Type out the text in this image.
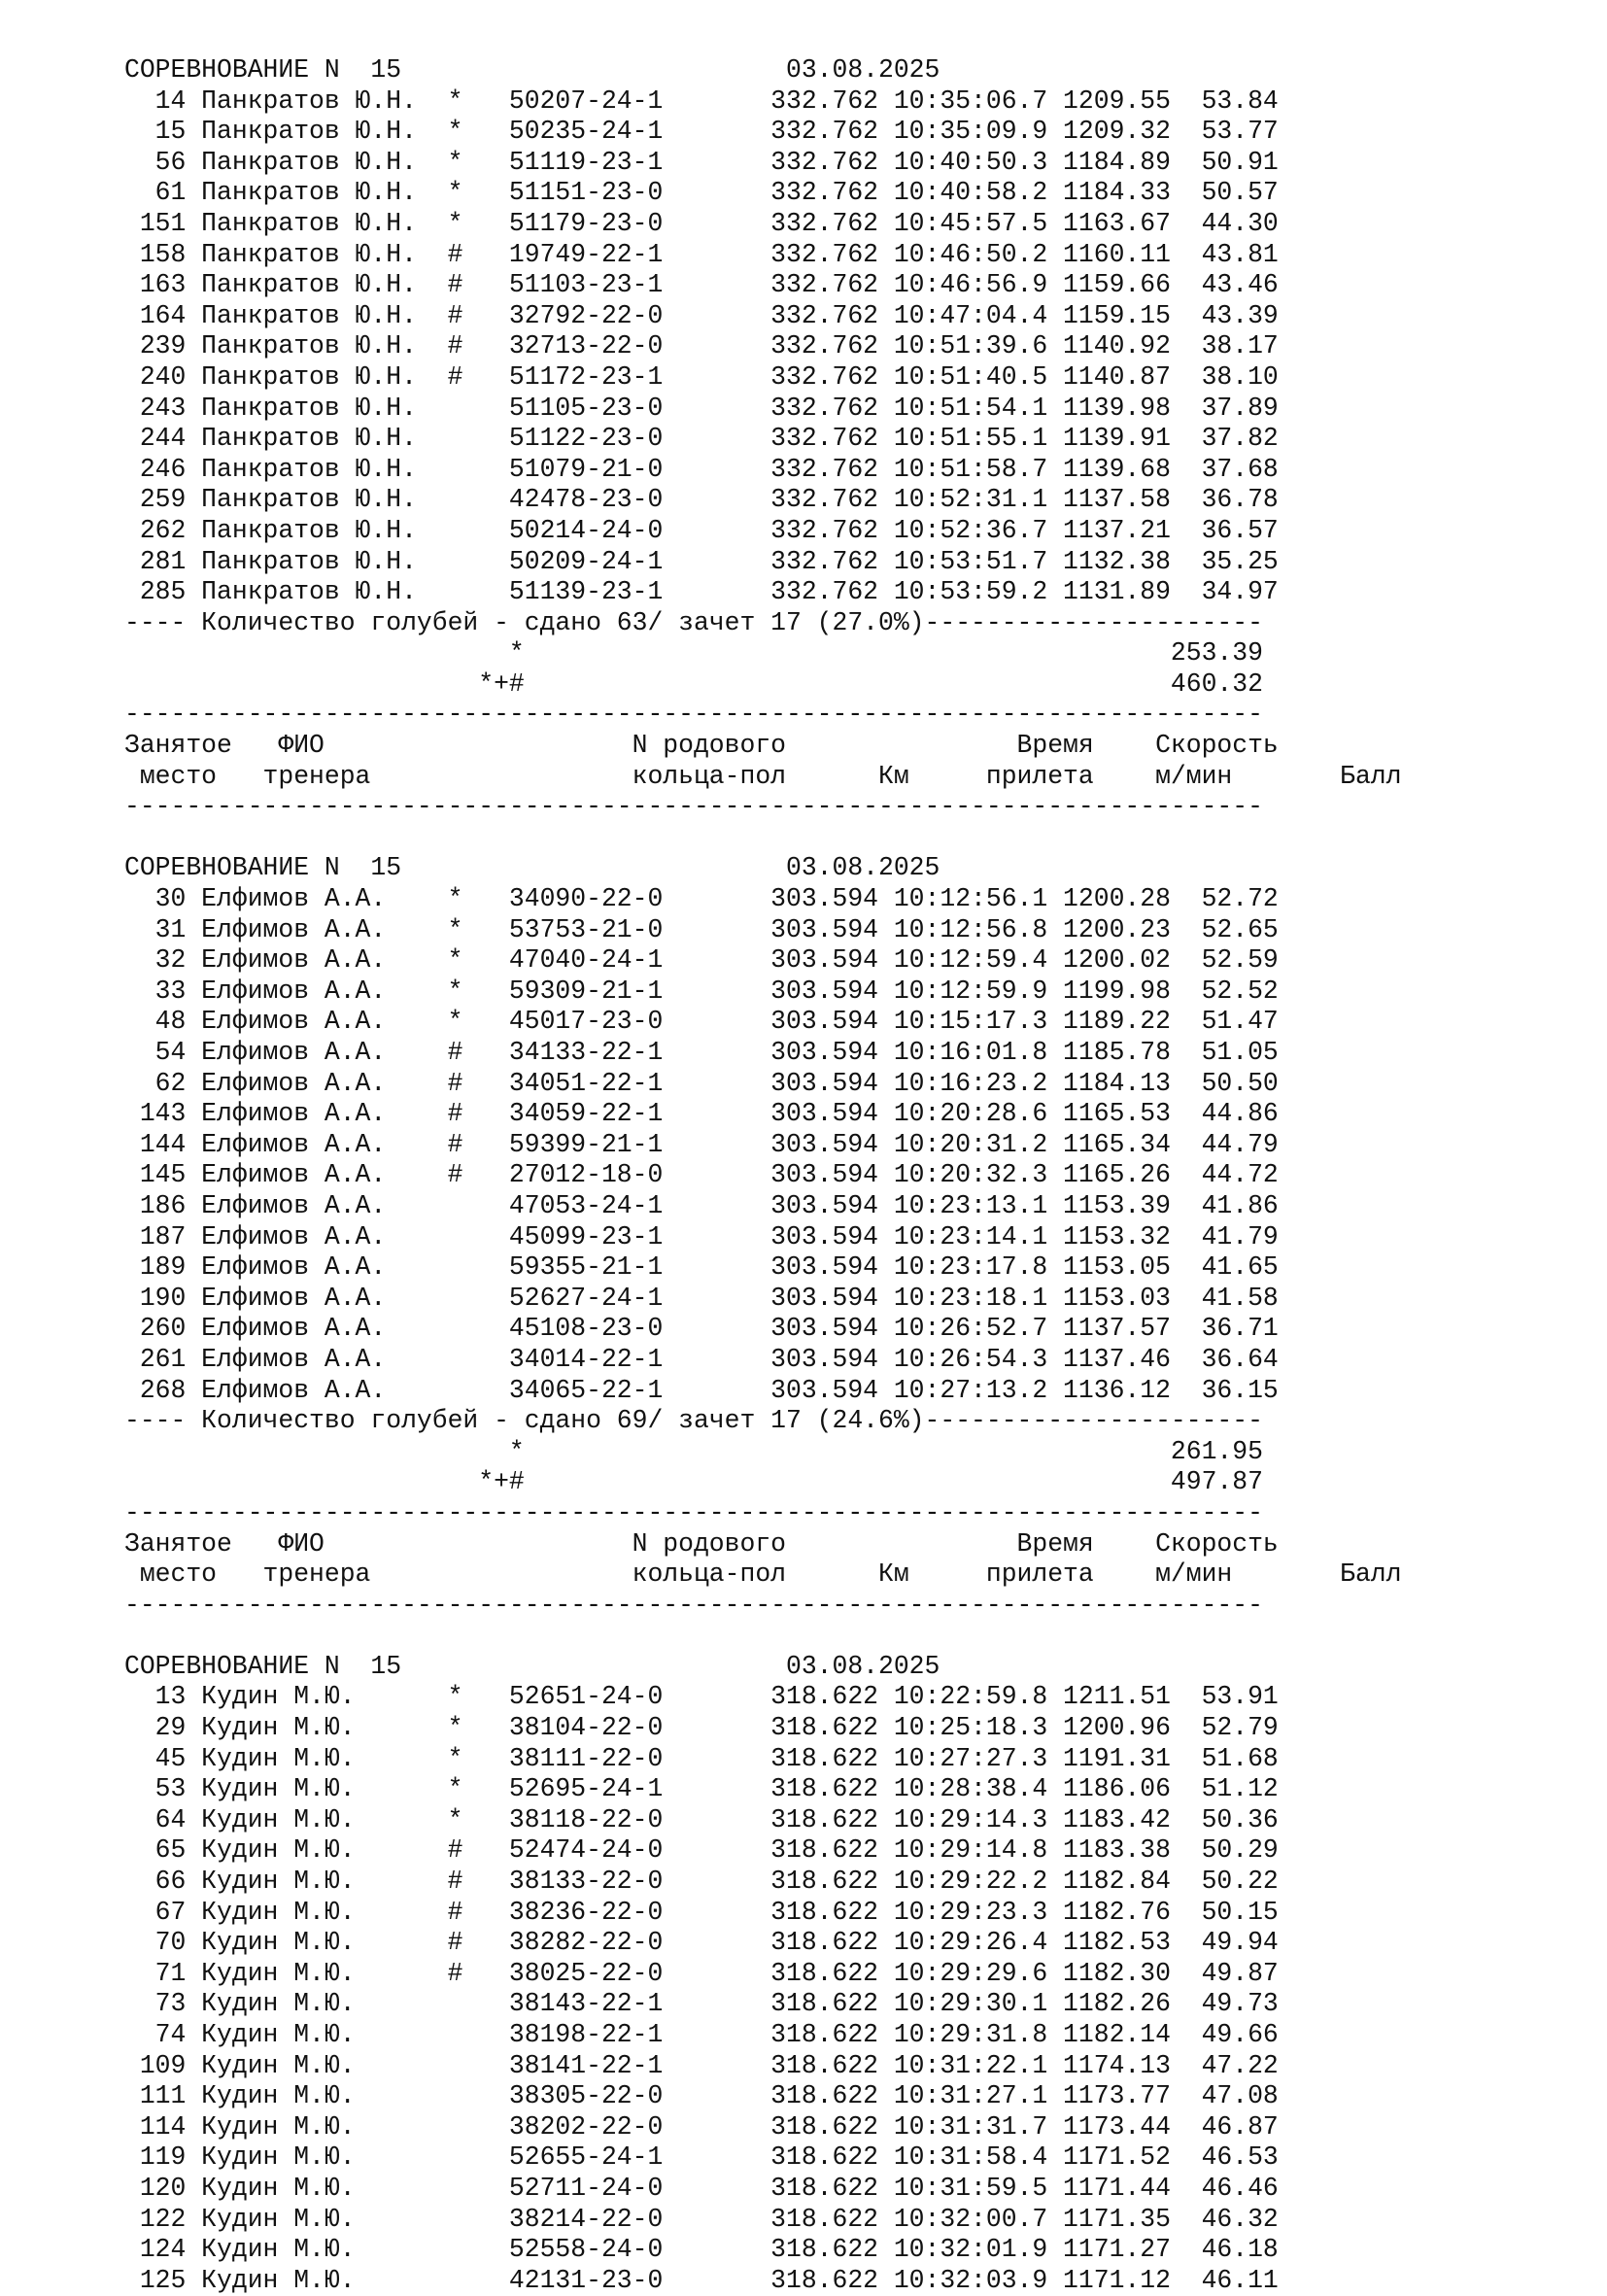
СОРЕВНОВАНИЕ N  15                         03.08.2025
14 Панкратов Ю.Н.  *   50207-24-1       332.762 10:35:06.7 1209.55  53.84
15 Панкратов Ю.Н.  *   50235-24-1       332.762 10:35:09.9 1209.32  53.77
56 Панкратов Ю.Н.  *   51119-23-1       332.762 10:40:50.3 1184.89  50.91
61 Панкратов Ю.Н.  *   51151-23-0       332.762 10:40:58.2 1184.33  50.57
151 Панкратов Ю.Н.  *   51179-23-0       332.762 10:45:57.5 1163.67  44.30
158 Панкратов Ю.Н.  #   19749-22-1       332.762 10:46:50.2 1160.11  43.81
163 Панкратов Ю.Н.  #   51103-23-1       332.762 10:46:56.9 1159.66  43.46
164 Панкратов Ю.Н.  #   32792-22-0       332.762 10:47:04.4 1159.15  43.39
239 Панкратов Ю.Н.  #   32713-22-0       332.762 10:51:39.6 1140.92  38.17
240 Панкратов Ю.Н.  #   51172-23-1       332.762 10:51:40.5 1140.87  38.10
243 Панкратов Ю.Н.      51105-23-0       332.762 10:51:54.1 1139.98  37.89
244 Панкратов Ю.Н.      51122-23-0       332.762 10:51:55.1 1139.91  37.82
246 Панкратов Ю.Н.      51079-21-0       332.762 10:51:58.7 1139.68  37.68
259 Панкратов Ю.Н.      42478-23-0       332.762 10:52:31.1 1137.58  36.78
262 Панкратов Ю.Н.      50214-24-0       332.762 10:52:36.7 1137.21  36.57
281 Панкратов Ю.Н.      50209-24-1       332.762 10:53:51.7 1132.38  35.25
285 Панкратов Ю.Н.      51139-23-1       332.762 10:53:59.2 1131.89  34.97
---- Количество голубей - сдано 63/ зачет 17 (27.0%)----------------------
*                                          253.39
*+#                                          460.32
--------------------------------------------------------------------------
Занятое   ФИО                    N родового               Время    Скорость
место   тренера                 кольца-пол      Км     прилета    м/мин       Балл
--------------------------------------------------------------------------

СОРЕВНОВАНИЕ N  15                         03.08.2025
30 Елфимов А.А.    *   34090-22-0       303.594 10:12:56.1 1200.28  52.72
31 Елфимов А.А.    *   53753-21-0       303.594 10:12:56.8 1200.23  52.65
32 Елфимов А.А.    *   47040-24-1       303.594 10:12:59.4 1200.02  52.59
33 Елфимов А.А.    *   59309-21-1       303.594 10:12:59.9 1199.98  52.52
48 Елфимов А.А.    *   45017-23-0       303.594 10:15:17.3 1189.22  51.47
54 Елфимов А.А.    #   34133-22-1       303.594 10:16:01.8 1185.78  51.05
62 Елфимов А.А.    #   34051-22-1       303.594 10:16:23.2 1184.13  50.50
143 Елфимов А.А.    #   34059-22-1       303.594 10:20:28.6 1165.53  44.86
144 Елфимов А.А.    #   59399-21-1       303.594 10:20:31.2 1165.34  44.79
145 Елфимов А.А.    #   27012-18-0       303.594 10:20:32.3 1165.26  44.72
186 Елфимов А.А.        47053-24-1       303.594 10:23:13.1 1153.39  41.86
187 Елфимов А.А.        45099-23-1       303.594 10:23:14.1 1153.32  41.79
189 Елфимов А.А.        59355-21-1       303.594 10:23:17.8 1153.05  41.65
190 Елфимов А.А.        52627-24-1       303.594 10:23:18.1 1153.03  41.58
260 Елфимов А.А.        45108-23-0       303.594 10:26:52.7 1137.57  36.71
261 Елфимов А.А.        34014-22-1       303.594 10:26:54.3 1137.46  36.64
268 Елфимов А.А.        34065-22-1       303.594 10:27:13.2 1136.12  36.15
---- Количество голубей - сдано 69/ зачет 17 (24.6%)----------------------
*                                          261.95
*+#                                          497.87
--------------------------------------------------------------------------
Занятое   ФИО                    N родового               Время    Скорость
место   тренера                 кольца-пол      Км     прилета    м/мин       Балл
--------------------------------------------------------------------------

СОРЕВНОВАНИЕ N  15                         03.08.2025
13 Кудин М.Ю.      *   52651-24-0       318.622 10:22:59.8 1211.51  53.91
29 Кудин М.Ю.      *   38104-22-0       318.622 10:25:18.3 1200.96  52.79
45 Кудин М.Ю.      *   38111-22-0       318.622 10:27:27.3 1191.31  51.68
53 Кудин М.Ю.      *   52695-24-1       318.622 10:28:38.4 1186.06  51.12
64 Кудин М.Ю.      *   38118-22-0       318.622 10:29:14.3 1183.42  50.36
65 Кудин М.Ю.      #   52474-24-0       318.622 10:29:14.8 1183.38  50.29
66 Кудин М.Ю.      #   38133-22-0       318.622 10:29:22.2 1182.84  50.22
67 Кудин М.Ю.      #   38236-22-0       318.622 10:29:23.3 1182.76  50.15
70 Кудин М.Ю.      #   38282-22-0       318.622 10:29:26.4 1182.53  49.94
71 Кудин М.Ю.      #   38025-22-0       318.622 10:29:29.6 1182.30  49.87
73 Кудин М.Ю.          38143-22-1       318.622 10:29:30.1 1182.26  49.73
74 Кудин М.Ю.          38198-22-1       318.622 10:29:31.8 1182.14  49.66
109 Кудин М.Ю.          38141-22-1       318.622 10:31:22.1 1174.13  47.22
111 Кудин М.Ю.          38305-22-0       318.622 10:31:27.1 1173.77  47.08
114 Кудин М.Ю.          38202-22-0       318.622 10:31:31.7 1173.44  46.87
119 Кудин М.Ю.          52655-24-1       318.622 10:31:58.4 1171.52  46.53
120 Кудин М.Ю.          52711-24-0       318.622 10:31:59.5 1171.44  46.46
122 Кудин М.Ю.          38214-22-0       318.622 10:32:00.7 1171.35  46.32
124 Кудин М.Ю.          52558-24-0       318.622 10:32:01.9 1171.27  46.18
125 Кудин М.Ю.          42131-23-0       318.622 10:32:03.9 1171.12  46.11
